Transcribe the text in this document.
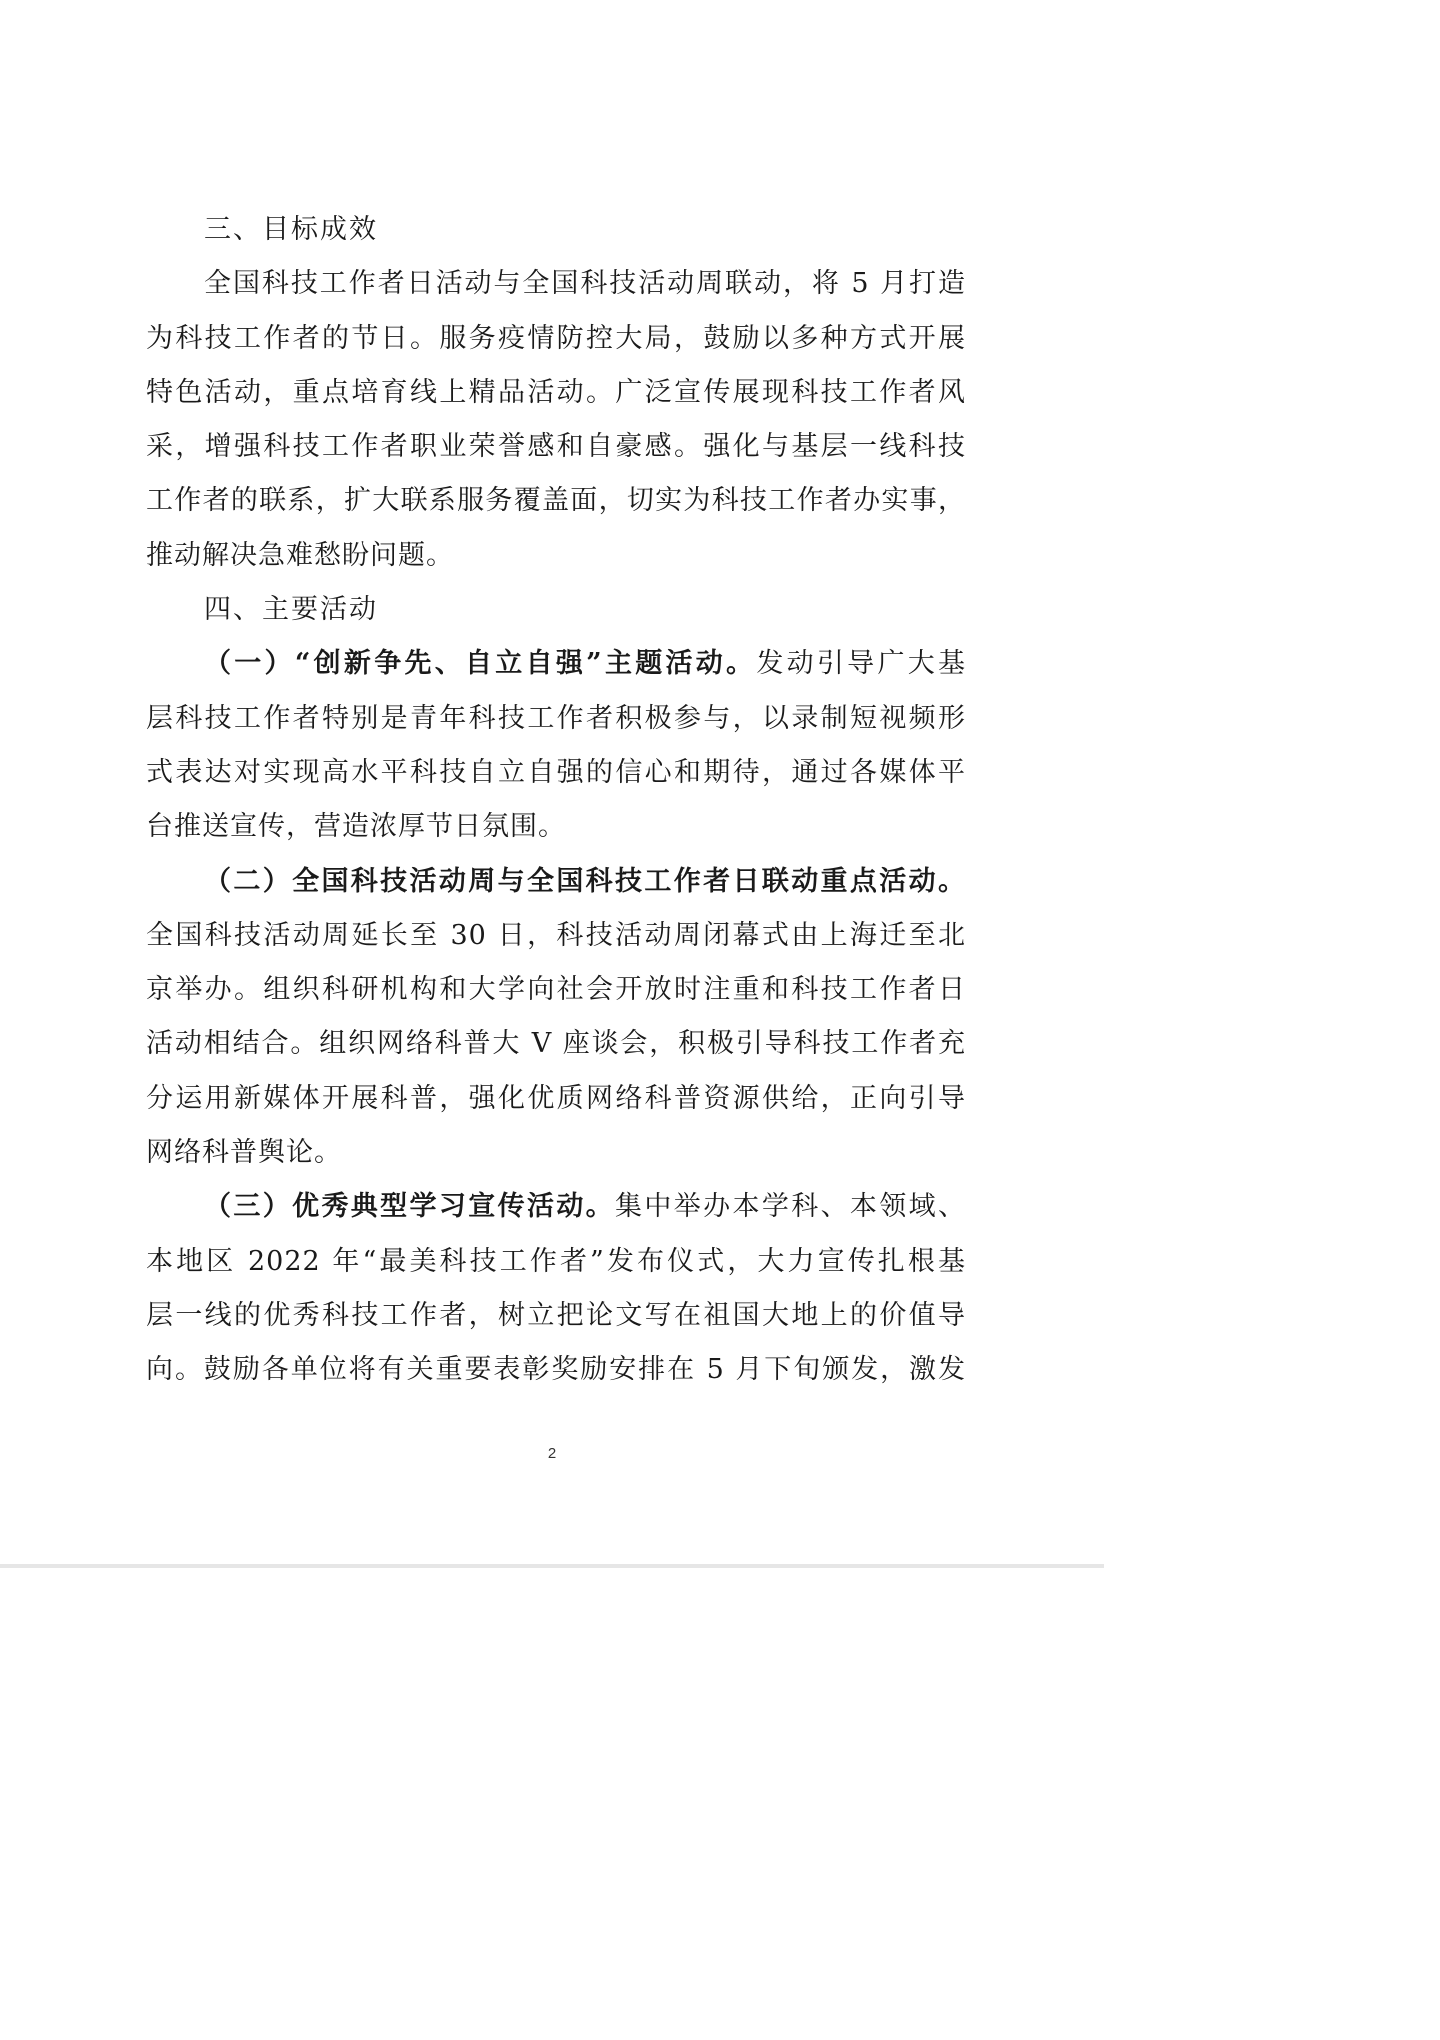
三、目标成效
全国科技工作者日活动与全国科技活动周联动，将 5 月打造
为科技工作者的节日。服务疫情防控大局，鼓励以多种方式开展
特色活动，重点培育线上精品活动。广泛宣传展现科技工作者风
采，增强科技工作者职业荣誉感和自豪感。强化与基层一线科技
工作者的联系，扩大联系服务覆盖面，切实为科技工作者办实事，
推动解决急难愁盼问题。
四、主要活动
（一）“创新争先、自立自强”主题活动。发动引导广大基
层科技工作者特别是青年科技工作者积极参与，以录制短视频形
式表达对实现高水平科技自立自强的信心和期待，通过各媒体平
台推送宣传，营造浓厚节日氛围。
（二）全国科技活动周与全国科技工作者日联动重点活动。
全国科技活动周延长至 30 日，科技活动周闭幕式由上海迁至北
京举办。组织科研机构和大学向社会开放时注重和科技工作者日
活动相结合。组织网络科普大 V 座谈会，积极引导科技工作者充
分运用新媒体开展科普，强化优质网络科普资源供给，正向引导
网络科普舆论。
（三）优秀典型学习宣传活动。集中举办本学科、本领域、
本地区 2022 年“最美科技工作者”发布仪式，大力宣传扎根基
层一线的优秀科技工作者，树立把论文写在祖国大地上的价值导
向。鼓励各单位将有关重要表彰奖励安排在 5 月下旬颁发，激发
2
